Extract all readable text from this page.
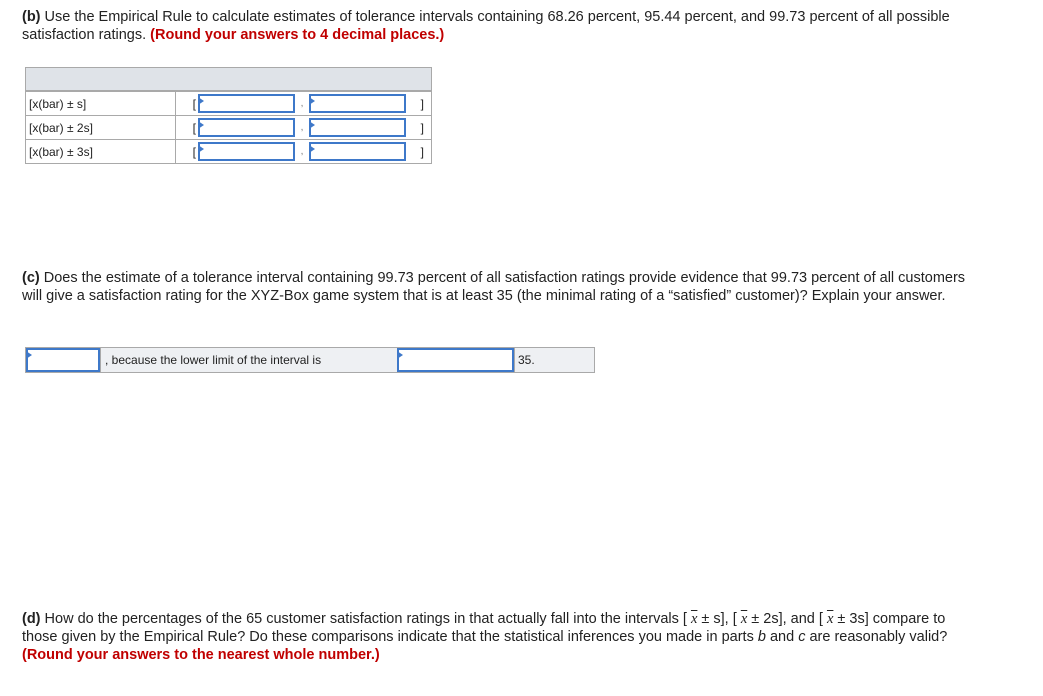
(b) Use the Empirical Rule to calculate estimates of tolerance intervals containing 68.26 percent, 95.44 percent, and 99.73 percent of all possible satisfaction ratings. (Round your answers to 4 decimal places.)
[x(bar) ± s]	[	,	]
[x(bar) ± 2s]	[	,	]
[x(bar) ± 3s]	[	,	]
(c) Does the estimate of a tolerance interval containing 99.73 percent of all satisfaction ratings provide evidence that 99.73 percent of all customers will give a satisfaction rating for the XYZ-Box game system that is at least 35 (the minimal rating of a “satisfied” customer)? Explain your answer.
, because the lower limit of the interval is	35.
(d) How do the percentages of the 65 customer satisfaction ratings in that actually fall into the intervals [ $\overline{x} \pm s$], [ $\overline{x} \pm 2s$], and [ $\overline{x} \pm 3s$] compare to those given by the Empirical Rule? Do these comparisons indicate that the statistical inferences you made in parts b and c are reasonably valid? (Round your answers to the nearest whole number.)
